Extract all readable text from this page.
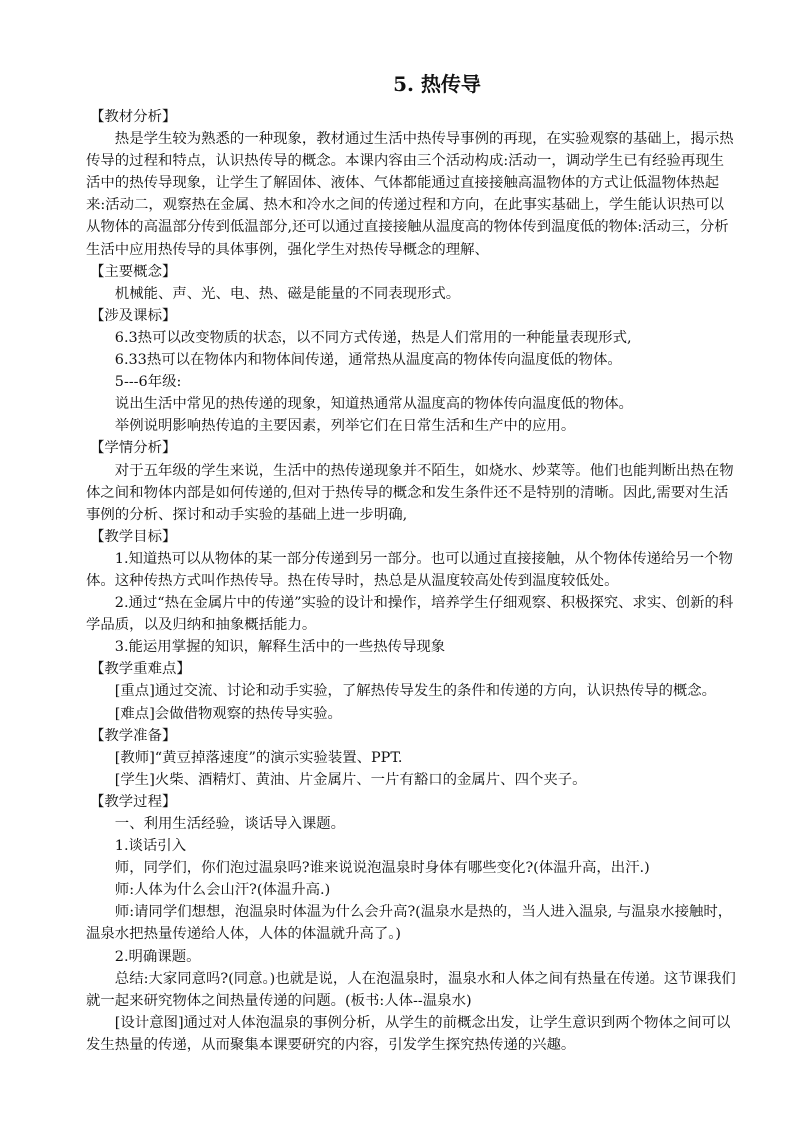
5. 热传导

【教材分析】

热是学生较为熟悉的一种现象，教材通过生活中热传导事例的再现，在实验观察的基础上，揭示热传导的过程和特点，认识热传导的概念。本课内容由三个活动构成:活动一，调动学生已有经验再现生活中的热传导现象，让学生了解固体、液体、气体都能通过直接接触高温物体的方式让低温物体热起来:活动二，观察热在金属、热木和冷水之间的传递过程和方向，在此事实基础上，学生能认识热可以从物体的高温部分传到低温部分,还可以通过直接接触从温度高的物体传到温度低的物体:活动三，分析生活中应用热传导的具体事例，强化学生对热传导概念的理解、

【主要概念】

机械能、声、光、电、热、磁是能量的不同表现形式。

【涉及课标】

6.3热可以改变物质的状态，以不同方式传递，热是人们常用的一种能量表现形式,

6.33热可以在物体内和物体间传递，通常热从温度高的物体传向温度低的物体。

5---6年级:

说出生活中常见的热传递的现象，知道热通常从温度高的物体传向温度低的物体。

举例说明影响热传追的主要因素，列举它们在日常生活和生产中的应用。

【学情分析】

对于五年级的学生来说，生活中的热传递现象并不陌生，如烧水、炒菜等。他们也能判断出热在物体之间和物体内部是如何传递的,但对于热传导的概念和发生条件还不是特别的清晰。因此,需要对生活事例的分析、探讨和动手实验的基础上进一步明确,

【教学目标】

1.知道热可以从物体的某一部分传递到另一部分。也可以通过直接接触，从个物体传递给另一个物体。这种传热方式叫作热传导。热在传导时，热总是从温度较高处传到温度较低处。

2.通过“热在金属片中的传递”实验的设计和操作，培养学生仔细观察、积极探究、求实、创新的科学品质，以及归纳和抽象概括能力。

3.能运用掌握的知识，解释生活中的一些热传导现象

【教学重难点】

[重点]通过交流、讨论和动手实验，了解热传导发生的条件和传递的方向，认识热传导的概念。

[难点]会做借物观察的热传导实验。

【教学准备】

[教师]“黄豆掉落速度”的演示实验装置、PPT.

[学生]火柴、酒精灯、黄油、片金属片、一片有豁口的金属片、四个夹子。

【教学过程】

一、利用生活经验，谈话导入课题。

1.谈话引入

师，同学们，你们泡过温泉吗?谁来说说泡温泉时身体有哪些变化?(体温升高，出汗.)

师:人体为什么会山汗?(体温升高.)

师:请同学们想想，泡温泉时体温为什么会升高?(温泉水是热的，当人进入温泉, 与温泉水接触时，温泉水把热量传递给人体，人体的体温就升高了。)

2.明确课题。

总结:大家同意吗?(同意。)也就是说，人在泡温泉时，温泉水和人体之间有热量在传递。这节课我们就一起来研究物体之间热量传递的问题。(板书:人体--温泉水)

[设计意图]通过对人体泡温泉的事例分析，从学生的前概念出发，让学生意识到两个物体之间可以发生热量的传递，从而聚集本课要研究的内容，引发学生探究热传递的兴趣。
